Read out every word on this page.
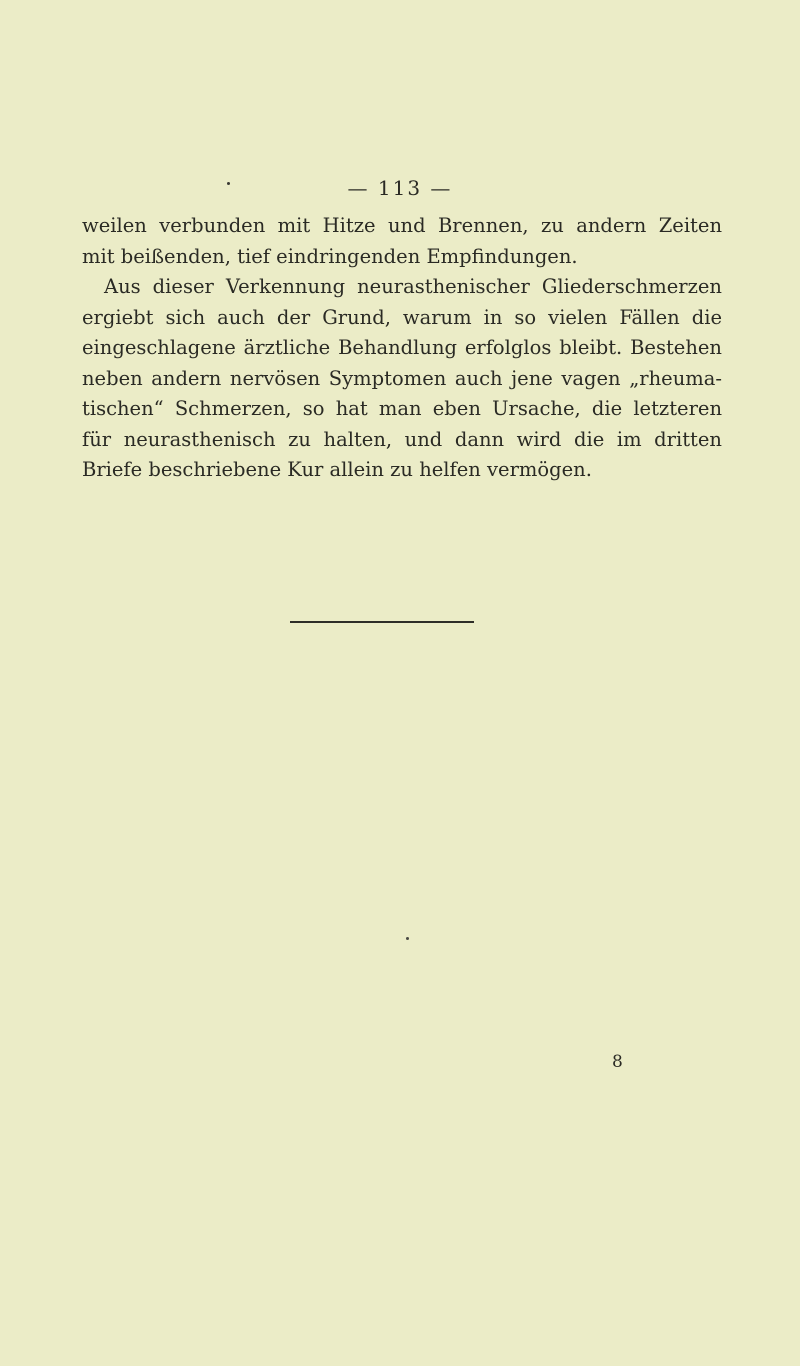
— 113 —
weilen verbunden mit Hitze und Brennen, zu andern Zeiten
mit beißenden, tief eindringenden Empfindungen.
Aus dieser Verkennung neurasthenischer Gliederschmerzen
ergiebt sich auch der Grund, warum in so vielen Fällen die
eingeschlagene ärztliche Behandlung erfolglos bleibt. Bestehen
neben andern nervösen Symptomen auch jene vagen „rheuma-
tischen“ Schmerzen, so hat man eben Ursache, die letzteren
für neurasthenisch zu halten, und dann wird die im dritten
Briefe beschriebene Kur allein zu helfen vermögen.
8
